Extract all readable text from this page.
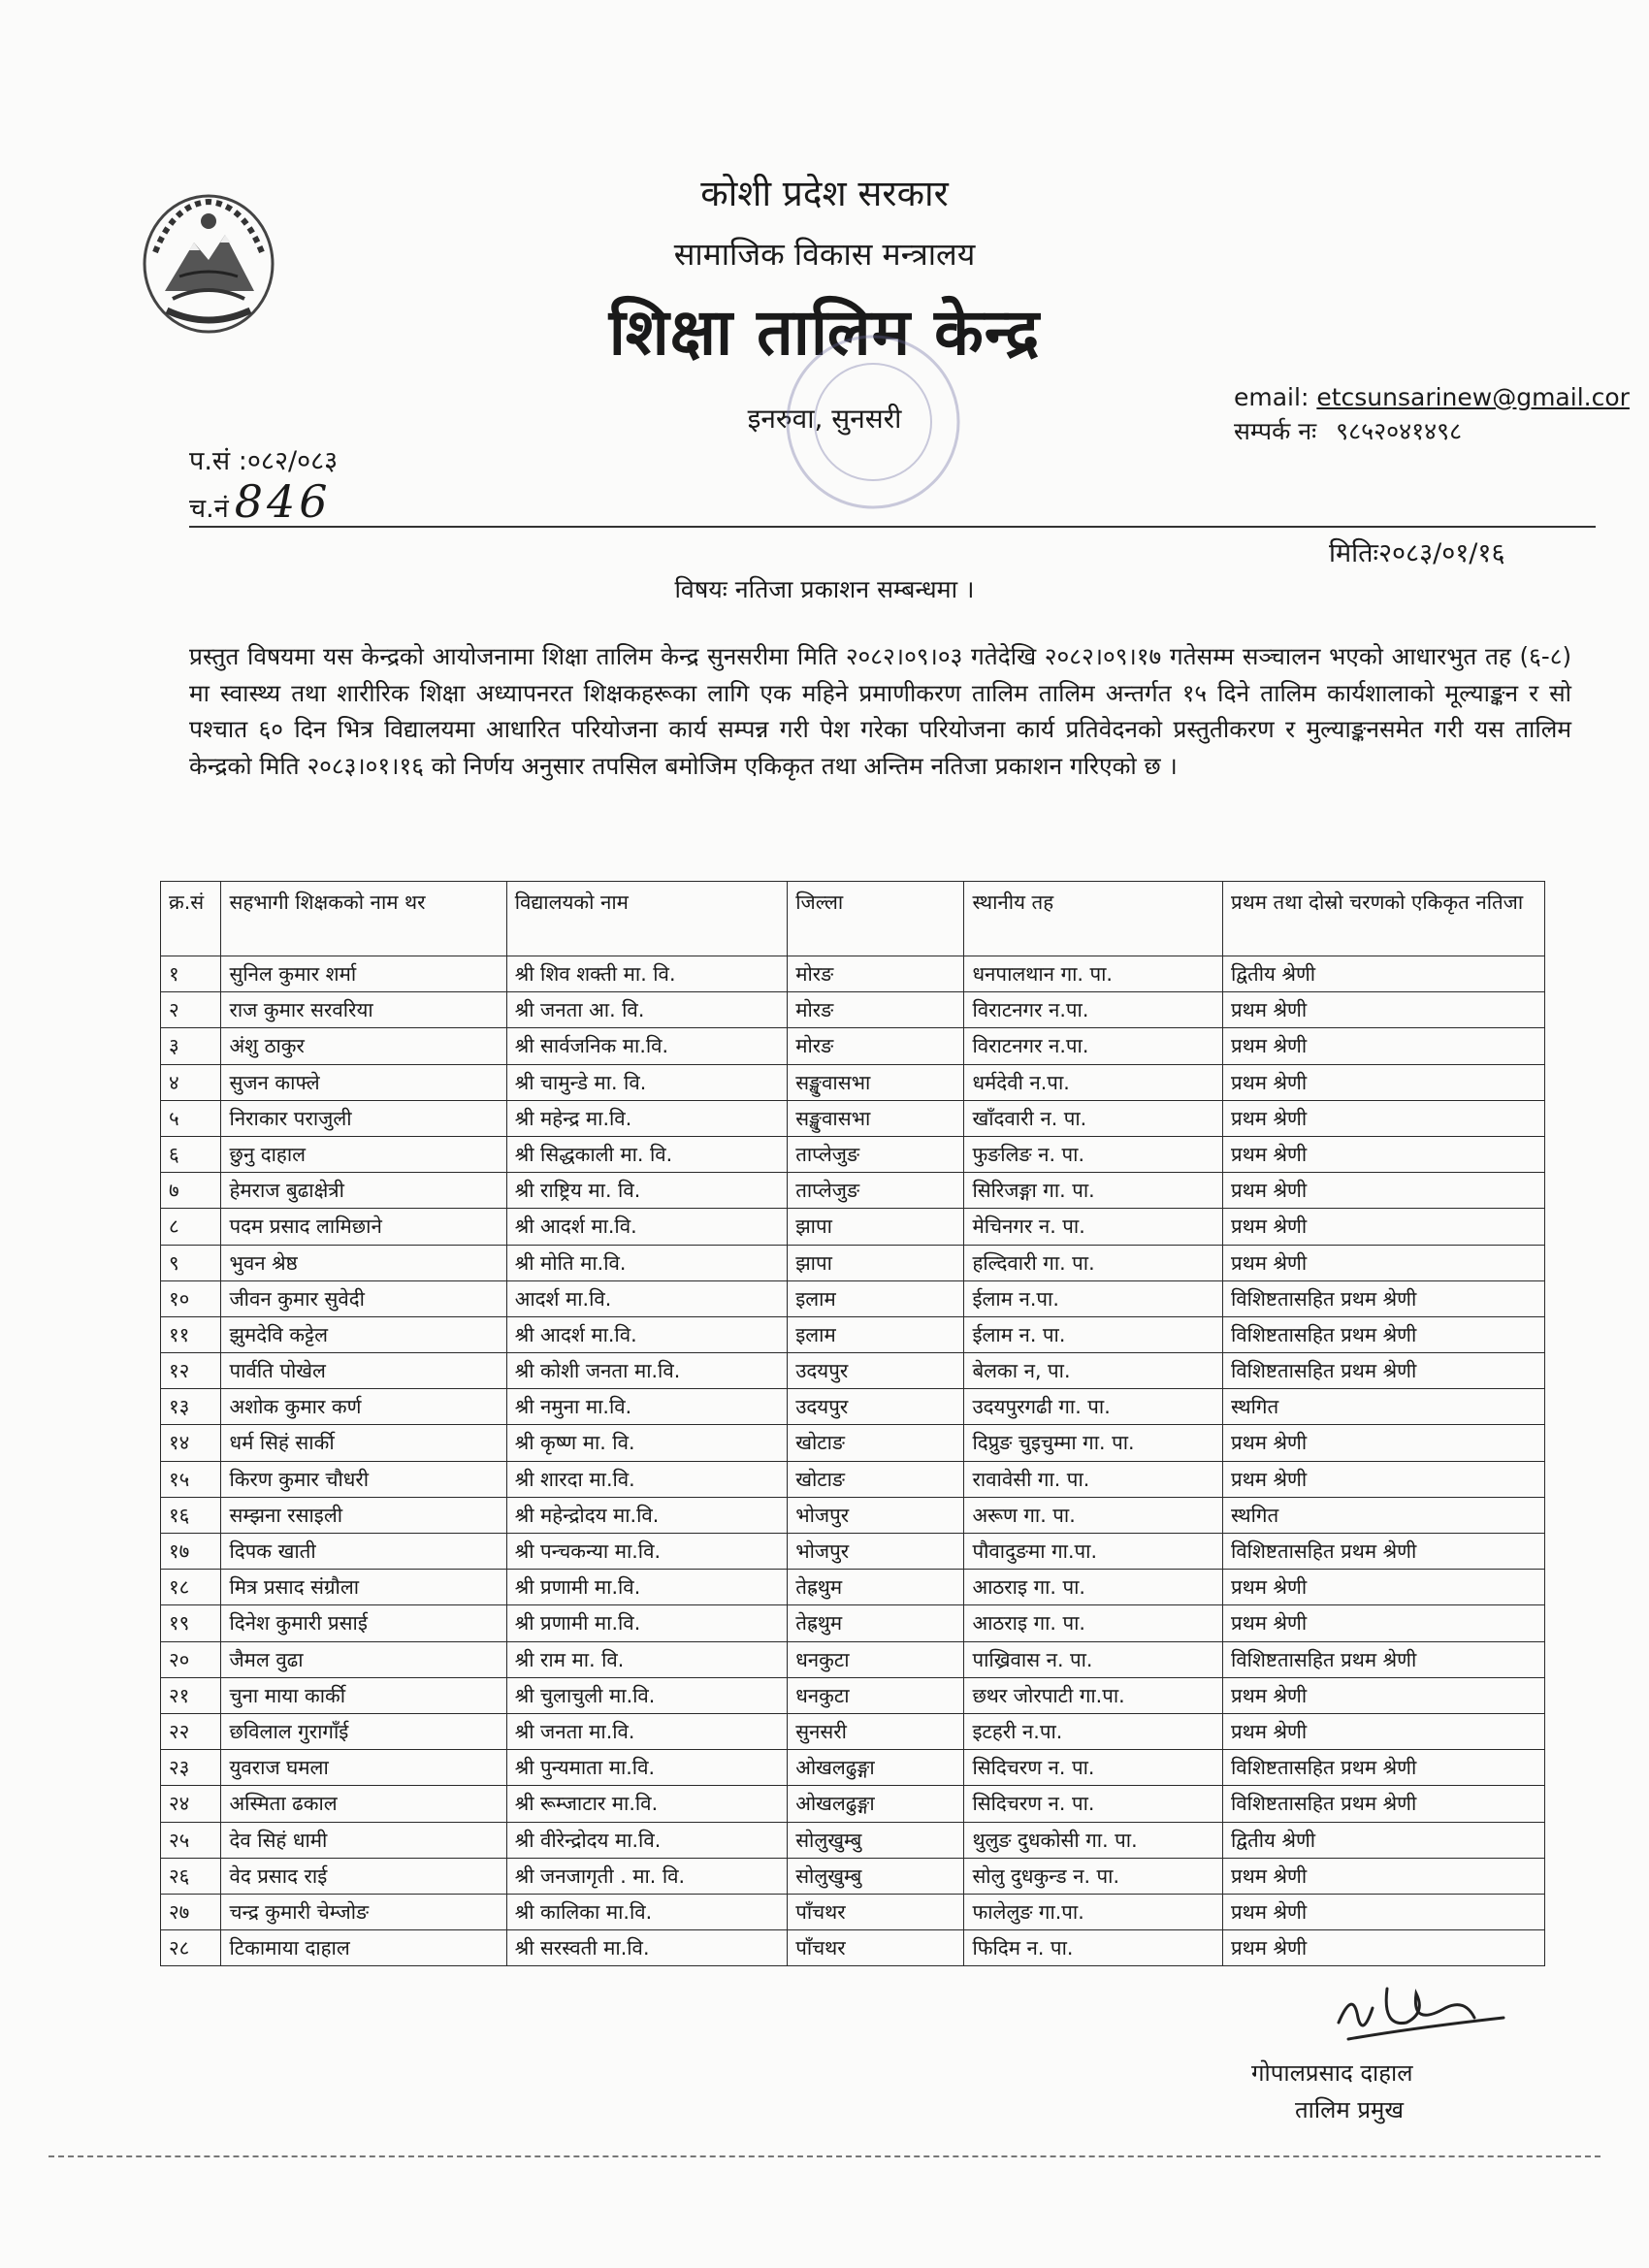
कोशी प्रदेश सरकार
सामाजिक विकास मन्त्रालय
शिक्षा तालिम केन्द्र
इनरुवा, सुनसरी
email: etcsunsarinew@gmail.cor
सम्पर्क नः ९८५२०४१४९८
प.सं :०८२/०८३
च.नं 846
मितिः२०८३/०१/१६
विषयः नतिजा प्रकाशन सम्बन्धमा ।
प्रस्तुत विषयमा यस केन्द्रको आयोजनामा शिक्षा तालिम केन्द्र सुनसरीमा मिति २०८२।०९।०३ गतेदेखि २०८२।०९।१७ गतेसम्म सञ्चालन भएको आधारभुत तह (६-८) मा स्वास्थ्य तथा शारीरिक शिक्षा अध्यापनरत शिक्षकहरूका लागि एक महिने प्रमाणीकरण तालिम तालिम अन्तर्गत १५ दिने तालिम कार्यशालाको मूल्याङ्कन र सो पश्चात ६० दिन भित्र विद्यालयमा आधारित परियोजना कार्य सम्पन्न गरी पेश गरेका परियोजना कार्य प्रतिवेदनको प्रस्तुतीकरण र मुल्याङ्कनसमेत गरी यस तालिम केन्द्रको मिति २०८३।०१।१६ को निर्णय अनुसार तपसिल बमोजिम एकिकृत तथा अन्तिम नतिजा प्रकाशन गरिएको छ ।
क्र.सं	सहभागी शिक्षकको नाम थर	विद्यालयको नाम	जिल्ला	स्थानीय तह	प्रथम तथा दोस्रो चरणको एकिकृत नतिजा
१	सुनिल कुमार शर्मा	श्री शिव शक्ती मा. वि.	मोरङ	धनपालथान गा. पा.	द्वितीय श्रेणी
२	राज कुमार सरवरिया	श्री जनता आ. वि.	मोरङ	विराटनगर न.पा.	प्रथम श्रेणी
३	अंशु ठाकुर	श्री सार्वजनिक मा.वि.	मोरङ	विराटनगर न.पा.	प्रथम श्रेणी
४	सुजन काफ्ले	श्री चामुन्डे मा. वि.	सङ्खुवासभा	धर्मदेवी न.पा.	प्रथम श्रेणी
५	निराकार पराजुली	श्री महेन्द्र मा.वि.	सङ्खुवासभा	खाँदवारी न. पा.	प्रथम श्रेणी
६	छुनु दाहाल	श्री सिद्धकाली मा. वि.	ताप्लेजुङ	फुङलिङ न. पा.	प्रथम श्रेणी
७	हेमराज बुढाक्षेत्री	श्री राष्ट्रिय मा. वि.	ताप्लेजुङ	सिरिजङ्गा गा. पा.	प्रथम श्रेणी
८	पदम प्रसाद लामिछाने	श्री आदर्श मा.वि.	झापा	मेचिनगर न. पा.	प्रथम श्रेणी
९	भुवन श्रेष्ठ	श्री मोति मा.वि.	झापा	हल्दिवारी गा. पा.	प्रथम श्रेणी
१०	जीवन कुमार सुवेदी	आदर्श मा.वि.	इलाम	ईलाम न.पा.	विशिष्टतासहित प्रथम श्रेणी
११	झुमदेवि कट्टेल	श्री आदर्श मा.वि.	इलाम	ईलाम न. पा.	विशिष्टतासहित प्रथम श्रेणी
१२	पार्वति पोखेल	श्री कोशी जनता मा.वि.	उदयपुर	बेलका न, पा.	विशिष्टतासहित प्रथम श्रेणी
१३	अशोक कुमार कर्ण	श्री नमुना मा.वि.	उदयपुर	उदयपुरगढी गा. पा.	स्थगित
१४	धर्म सिहं सार्की	श्री कृष्ण मा. वि.	खोटाङ	दिप्रुङ चुइचुम्मा गा. पा.	प्रथम श्रेणी
१५	किरण कुमार चौधरी	श्री शारदा मा.वि.	खोटाङ	रावावेसी गा. पा.	प्रथम श्रेणी
१६	सम्झना रसाइली	श्री महेन्द्रोदय मा.वि.	भोजपुर	अरूण गा. पा.	स्थगित
१७	दिपक खाती	श्री पन्चकन्या मा.वि.	भोजपुर	पौवादुङमा गा.पा.	विशिष्टतासहित प्रथम श्रेणी
१८	मित्र प्रसाद संग्रौला	श्री प्रणामी मा.वि.	तेह्रथुम	आठराइ गा. पा.	प्रथम श्रेणी
१९	दिनेश कुमारी प्रसाई	श्री प्रणामी मा.वि.	तेह्रथुम	आठराइ गा. पा.	प्रथम श्रेणी
२०	जैमल वुढा	श्री राम मा. वि.	धनकुटा	पाख्रिवास न. पा.	विशिष्टतासहित प्रथम श्रेणी
२१	चुना माया कार्की	श्री चुलाचुली मा.वि.	धनकुटा	छथर जोरपाटी गा.पा.	प्रथम श्रेणी
२२	छविलाल गुरागाँई	श्री जनता मा.वि.	सुनसरी	इटहरी न.पा.	प्रथम श्रेणी
२३	युवराज घमला	श्री पुन्यमाता मा.वि.	ओखलढुङ्गा	सिदिचरण न. पा.	विशिष्टतासहित प्रथम श्रेणी
२४	अस्मिता ढकाल	श्री रूम्जाटार मा.वि.	ओखलढुङ्गा	सिदिचरण न. पा.	विशिष्टतासहित प्रथम श्रेणी
२५	देव सिहं धामी	श्री वीरेन्द्रोदय मा.वि.	सोलुखुम्बु	थुलुङ दुधकोसी गा. पा.	द्वितीय श्रेणी
२६	वेद प्रसाद राई	श्री जनजागृती . मा. वि.	सोलुखुम्बु	सोलु दुधकुन्ड न. पा.	प्रथम श्रेणी
२७	चन्द्र कुमारी चेम्जोङ	श्री कालिका मा.वि.	पाँचथर	फालेलुङ गा.पा.	प्रथम श्रेणी
२८	टिकामाया दाहाल	श्री सरस्वती मा.वि.	पाँचथर	फिदिम न. पा.	प्रथम श्रेणी
गोपालप्रसाद दाहाल
तालिम प्रमुख
